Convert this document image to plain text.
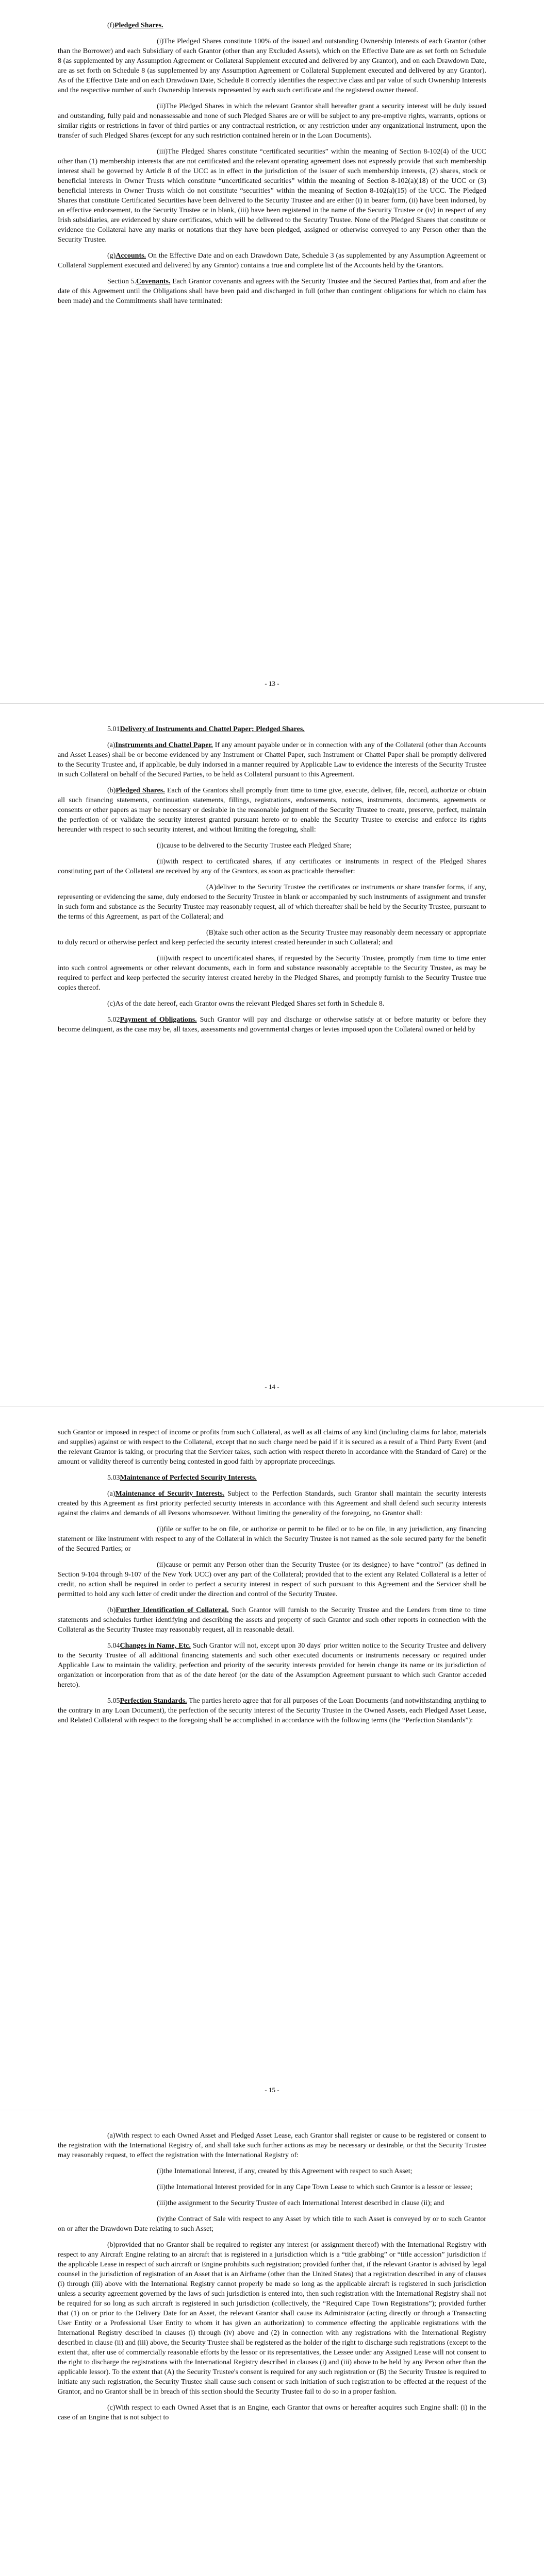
(f)Pledged Shares.

(i)The Pledged Shares constitute 100% of the issued and outstanding Ownership Interests of each Grantor (other than the Borrower) and each Subsidiary of each Grantor (other than any Excluded Assets), which on the Effective Date are as set forth on Schedule 8 (as supplemented by any Assumption Agreement or Collateral Supplement executed and delivered by any Grantor), and on each Drawdown Date, are as set forth on Schedule 8 (as supplemented by any Assumption Agreement or Collateral Supplement executed and delivered by any Grantor). As of the Effective Date and on each Drawdown Date, Schedule 8 correctly identifies the respective class and par value of such Ownership Interests and the respective number of such Ownership Interests represented by each such certificate and the registered owner thereof.

(ii)The Pledged Shares in which the relevant Grantor shall hereafter grant a security interest will be duly issued and outstanding, fully paid and nonassessable and none of such Pledged Shares are or will be subject to any pre-emptive rights, warrants, options or similar rights or restrictions in favor of third parties or any contractual restriction, or any restriction under any organizational instrument, upon the transfer of such Pledged Shares (except for any such restriction contained herein or in the Loan Documents).

(iii)The Pledged Shares constitute “certificated securities” within the meaning of Section 8-102(4) of the UCC other than (1) membership interests that are not certificated and the relevant operating agreement does not expressly provide that such membership interest shall be governed by Article 8 of the UCC as in effect in the jurisdiction of the issuer of such membership interests, (2) shares, stock or beneficial interests in Owner Trusts which constitute “uncertificated securities” within the meaning of Section 8-102(a)(18) of the UCC or (3) beneficial interests in Owner Trusts which do not constitute “securities” within the meaning of Section 8-102(a)(15) of the UCC. The Pledged Shares that constitute Certificated Securities have been delivered to the Security Trustee and are either (i) in bearer form, (ii) have been indorsed, by an effective endorsement, to the Security Trustee or in blank, (iii) have been registered in the name of the Security Trustee or (iv) in respect of any Irish subsidiaries, are evidenced by share certificates, which will be delivered to the Security Trustee. None of the Pledged Shares that constitute or evidence the Collateral have any marks or notations that they have been pledged, assigned or otherwise conveyed to any Person other than the Security Trustee.

(g)Accounts. On the Effective Date and on each Drawdown Date, Schedule 3 (as supplemented by any Assumption Agreement or Collateral Supplement executed and delivered by any Grantor) contains a true and complete list of the Accounts held by the Grantors.

Section 5.Covenants. Each Grantor covenants and agrees with the Security Trustee and the Secured Parties that, from and after the date of this Agreement until the Obligations shall have been paid and discharged in full (other than contingent obligations for which no claim has been made) and the Commitments shall have terminated:

- 13 -
5.01Delivery of Instruments and Chattel Paper; Pledged Shares.

(a)Instruments and Chattel Paper. If any amount payable under or in connection with any of the Collateral (other than Accounts and Asset Leases) shall be or become evidenced by any Instrument or Chattel Paper, such Instrument or Chattel Paper shall be promptly delivered to the Security Trustee and, if applicable, be duly indorsed in a manner required by Applicable Law to evidence the interests of the Security Trustee in such Collateral on behalf of the Secured Parties, to be held as Collateral pursuant to this Agreement.

(b)Pledged Shares. Each of the Grantors shall promptly from time to time give, execute, deliver, file, record, authorize or obtain all such financing statements, continuation statements, fillings, registrations, endorsements, notices, instruments, documents, agreements or consents or other papers as may be necessary or desirable in the reasonable judgment of the Security Trustee to create, preserve, perfect, maintain the perfection of or validate the security interest granted pursuant hereto or to enable the Security Trustee to exercise and enforce its rights hereunder with respect to such security interest, and without limiting the foregoing, shall:

(i)cause to be delivered to the Security Trustee each Pledged Share;

(ii)with respect to certificated shares, if any certificates or instruments in respect of the Pledged Shares constituting part of the Collateral are received by any of the Grantors, as soon as practicable thereafter:

(A)deliver to the Security Trustee the certificates or instruments or share transfer forms, if any, representing or evidencing the same, duly endorsed to the Security Trustee in blank or accompanied by such instruments of assignment and transfer in such form and substance as the Security Trustee may reasonably request, all of which thereafter shall be held by the Security Trustee, pursuant to the terms of this Agreement, as part of the Collateral; and

(B)take such other action as the Security Trustee may reasonably deem necessary or appropriate to duly record or otherwise perfect and keep perfected the security interest created hereunder in such Collateral; and

(iii)with respect to uncertificated shares, if requested by the Security Trustee, promptly from time to time enter into such control agreements or other relevant documents, each in form and substance reasonably acceptable to the Security Trustee, as may be required to perfect and keep perfected the security interest created hereby in the Pledged Shares, and promptly furnish to the Security Trustee true copies thereof.

(c)As of the date hereof, each Grantor owns the relevant Pledged Shares set forth in Schedule 8.

5.02Payment of Obligations. Such Grantor will pay and discharge or otherwise satisfy at or before maturity or before they become delinquent, as the case may be, all taxes, assessments and governmental charges or levies imposed upon the Collateral owned or held by

- 14 -

such Grantor or imposed in respect of income or profits from such Collateral, as well as all claims of any kind (including claims for labor, materials and supplies) against or with respect to the Collateral, except that no such charge need be paid if it is secured as a result of a Third Party Event (and the relevant Grantor is taking, or procuring that the Servicer takes, such action with respect thereto in accordance with the Standard of Care) or the amount or validity thereof is currently being contested in good faith by appropriate proceedings.

5.03Maintenance of Perfected Security Interests.

(a)Maintenance of Security Interests. Subject to the Perfection Standards, such Grantor shall maintain the security interests created by this Agreement as first priority perfected security interests in accordance with this Agreement and shall defend such security interests against the claims and demands of all Persons whomsoever. Without limiting the generality of the foregoing, no Grantor shall:

(i)file or suffer to be on file, or authorize or permit to be filed or to be on file, in any jurisdiction, any financing statement or like instrument with respect to any of the Collateral in which the Security Trustee is not named as the sole secured party for the benefit of the Secured Parties; or

(ii)cause or permit any Person other than the Security Trustee (or its designee) to have “control” (as defined in Section 9-104 through 9-107 of the New York UCC) over any part of the Collateral; provided that to the extent any Related Collateral is a letter of credit, no action shall be required in order to perfect a security interest in respect of such pursuant to this Agreement and the Servicer shall be permitted to hold any such letter of credit under the direction and control of the Security Trustee.

(b)Further Identification of Collateral. Such Grantor will furnish to the Security Trustee and the Lenders from time to time statements and schedules further identifying and describing the assets and property of such Grantor and such other reports in connection with the Collateral as the Security Trustee may reasonably request, all in reasonable detail.

5.04Changes in Name, Etc. Such Grantor will not, except upon 30 days' prior written notice to the Security Trustee and delivery to the Security Trustee of all additional financing statements and such other executed documents or instruments necessary or required under Applicable Law to maintain the validity, perfection and priority of the security interests provided for herein change its name or its jurisdiction of organization or incorporation from that as of the date hereof (or the date of the Assumption Agreement pursuant to which such Grantor acceded hereto).

5.05Perfection Standards. The parties hereto agree that for all purposes of the Loan Documents (and notwithstanding anything to the contrary in any Loan Document), the perfection of the security interest of the Security Trustee in the Owned Assets, each Pledged Asset Lease, and Related Collateral with respect to the foregoing shall be accomplished in accordance with the following terms (the “Perfection Standards”):

- 15 -

(a)With respect to each Owned Asset and Pledged Asset Lease, each Grantor shall register or cause to be registered or consent to the registration with the International Registry of, and shall take such further actions as may be necessary or desirable, or that the Security Trustee may reasonably request, to effect the registration with the International Registry of:

(i)the International Interest, if any, created by this Agreement with respect to such Asset;

(ii)the International Interest provided for in any Cape Town Lease to which such Grantor is a lessor or lessee;

(iii)the assignment to the Security Trustee of each International Interest described in clause (ii); and

(iv)the Contract of Sale with respect to any Asset by which title to such Asset is conveyed by or to such Grantor on or after the Drawdown Date relating to such Asset;

(b)provided that no Grantor shall be required to register any interest (or assignment thereof) with the International Registry with respect to any Aircraft Engine relating to an aircraft that is registered in a jurisdiction which is a “title grabbing” or “title accession” jurisdiction if the applicable Lease in respect of such aircraft or Engine prohibits such registration; provided further that, if the relevant Grantor is advised by legal counsel in the jurisdiction of registration of an Asset that is an Airframe (other than the United States) that a registration described in any of clauses (i) through (iii) above with the International Registry cannot properly be made so long as the applicable aircraft is registered in such jurisdiction unless a security agreement governed by the laws of such jurisdiction is entered into, then such registration with the International Registry shall not be required for so long as such aircraft is registered in such jurisdiction (collectively, the “Required Cape Town Registrations”); provided further that (1) on or prior to the Delivery Date for an Asset, the relevant Grantor shall cause its Administrator (acting directly or through a Transacting User Entity or a Professional User Entity to whom it has given an authorization) to commence effecting the applicable registrations with the International Registry described in clauses (i) through (iv) above and (2) in connection with any registrations with the International Registry described in clause (ii) and (iii) above, the Security Trustee shall be registered as the holder of the right to discharge such registrations (except to the extent that, after use of commercially reasonable efforts by the lessor or its representatives, the Lessee under any Assigned Lease will not consent to the right to discharge the registrations with the International Registry described in clauses (i) and (iii) above to be held by any Person other than the applicable lessor). To the extent that (A) the Security Trustee's consent is required for any such registration or (B) the Security Trustee is required to initiate any such registration, the Security Trustee shall cause such consent or such initiation of such registration to be effected at the request of the Grantor, and no Grantor shall be in breach of this section should the Security Trustee fail to do so in a proper fashion.

(c)With respect to each Owned Asset that is an Engine, each Grantor that owns or hereafter acquires such Engine shall: (i) in the case of an Engine that is not subject to
